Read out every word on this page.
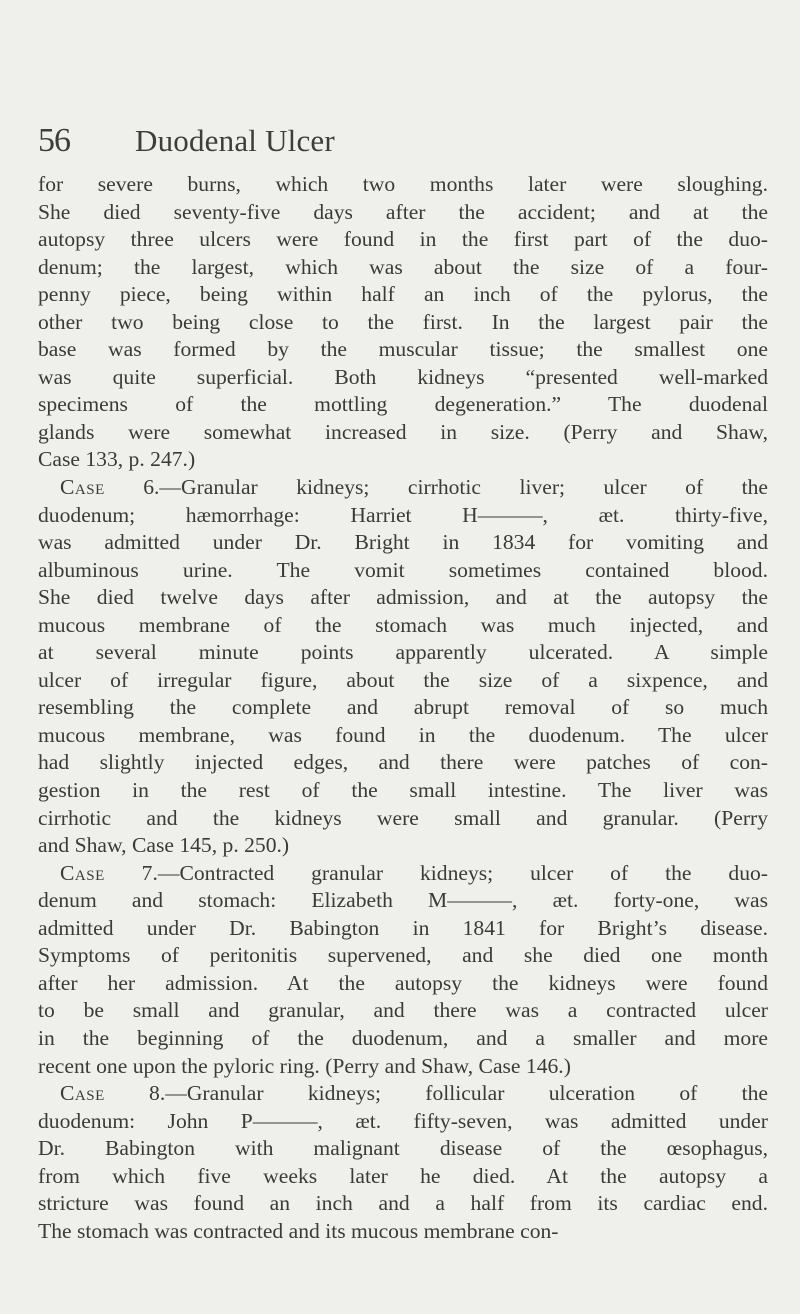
56 Duodenal Ulcer
for severe burns, which two months later were sloughing.
She died seventy-five days after the accident; and at the
autopsy three ulcers were found in the first part of the duo-
denum; the largest, which was about the size of a four-
penny piece, being within half an inch of the pylorus, the
other two being close to the first. In the largest pair the
base was formed by the muscular tissue; the smallest one
was quite superficial. Both kidneys “presented well-marked
specimens of the mottling degeneration.” The duodenal
glands were somewhat increased in size. (Perry and Shaw,
Case 133, p. 247.)
Case 6.—Granular kidneys; cirrhotic liver; ulcer of the
duodenum; hæmorrhage: Harriet H———, æt. thirty-five,
was admitted under Dr. Bright in 1834 for vomiting and
albuminous urine. The vomit sometimes contained blood.
She died twelve days after admission, and at the autopsy the
mucous membrane of the stomach was much injected, and
at several minute points apparently ulcerated. A simple
ulcer of irregular figure, about the size of a sixpence, and
resembling the complete and abrupt removal of so much
mucous membrane, was found in the duodenum. The ulcer
had slightly injected edges, and there were patches of con-
gestion in the rest of the small intestine. The liver was
cirrhotic and the kidneys were small and granular. (Perry
and Shaw, Case 145, p. 250.)
Case 7.—Contracted granular kidneys; ulcer of the duo-
denum and stomach: Elizabeth M———, æt. forty-one, was
admitted under Dr. Babington in 1841 for Bright’s disease.
Symptoms of peritonitis supervened, and she died one month
after her admission. At the autopsy the kidneys were found
to be small and granular, and there was a contracted ulcer
in the beginning of the duodenum, and a smaller and more
recent one upon the pyloric ring. (Perry and Shaw, Case 146.)
Case 8.—Granular kidneys; follicular ulceration of the
duodenum: John P———, æt. fifty-seven, was admitted under
Dr. Babington with malignant disease of the œsophagus,
from which five weeks later he died. At the autopsy a
stricture was found an inch and a half from its cardiac end.
The stomach was contracted and its mucous membrane con-
